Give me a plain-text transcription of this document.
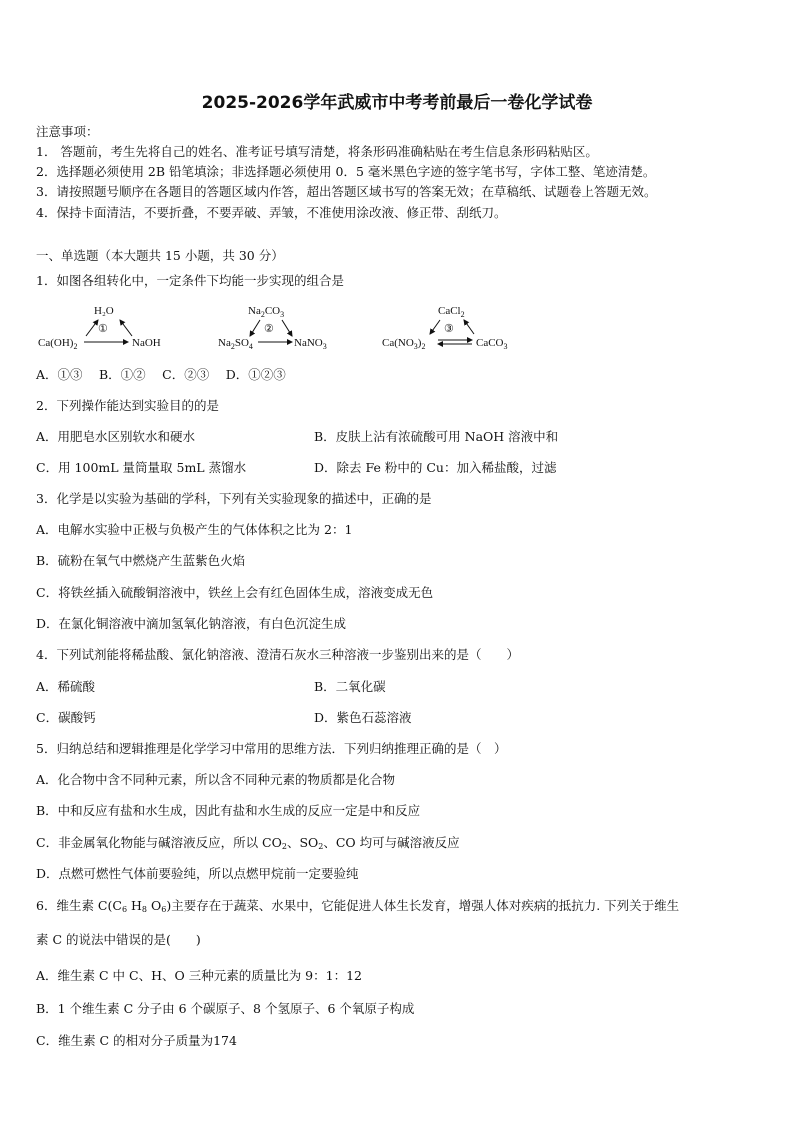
2025-2026学年武威市中考考前最后一卷化学试卷
注意事项：
1． 答题前，考生先将自己的姓名、准考证号填写清楚，将条形码准确粘贴在考生信息条形码粘贴区。
2．选择题必须使用 2B 铅笔填涂；非选择题必须使用 0．5 毫米黑色字迹的签字笔书写，字体工整、笔迹清楚。
3．请按照题号顺序在各题目的答题区域内作答，超出答题区域书写的答案无效；在草稿纸、试题卷上答题无效。
4．保持卡面清洁，不要折叠，不要弄破、弄皱，不准使用涂改液、修正带、刮纸刀。
一、单选题（本大题共 15 小题，共 30 分）
1．如图各组转化中，一定条件下均能一步实现的组合是
H₂O
①
$Ca(OH)_2$	NaOH
$Na_2CO_3$
②
$Na_2SO_4$	NaNO$_3$
CaCl$_2$
③
$Ca(NO_3)_2$	CaCO$_3$
A．①③　 B．①②　 C．②③　 D．①②③
2．下列操作能达到实验目的的是
A．用肥皂水区别软水和硬水	B．皮肤上沾有浓硫酸可用 NaOH 溶液中和
C．用 100mL 量筒量取 5mL 蒸馏水	D．除去 Fe 粉中的 Cu：加入稀盐酸，过滤
3．化学是以实验为基础的学科，下列有关实验现象的描述中，正确的是
A．电解水实验中正极与负极产生的气体体积之比为 2：1
B．硫粉在氧气中燃烧产生蓝紫色火焰
C．将铁丝插入硫酸铜溶液中，铁丝上会有红色固体生成，溶液变成无色
D．在氯化铜溶液中滴加氢氧化钠溶液，有白色沉淀生成
4．下列试剂能将稀盐酸、氯化钠溶液、澄清石灰水三种溶液一步鉴别出来的是（　　）
A．稀硫酸	B．二氧化碳
C．碳酸钙	D．紫色石蕊溶液
5．归纳总结和逻辑推理是化学学习中常用的思维方法．下列归纳推理正确的是（　）
A．化合物中含不同种元素，所以含不同种元素的物质都是化合物
B．中和反应有盐和水生成，因此有盐和水生成的反应一定是中和反应
C．非金属氧化物能与碱溶液反应，所以 $CO_2$、$SO_2$、CO 均可与碱溶液反应
D．点燃可燃性气体前要验纯，所以点燃甲烷前一定要验纯
6．维生素 $C(C_6$ $H_8$ $O_6$)主要存在于蔬菜、水果中，它能促进人体生长发育，增强人体对疾病的抵抗力. 下列关于维生
素 C 的说法中错误的是(　　)
A．维生素 C 中 C、H、O 三种元素的质量比为 9：1：12
B．1 个维生素 C 分子由 6 个碳原子、8 个氢原子、6 个氧原子构成
C．维生素 C 的相对分子质量为174
